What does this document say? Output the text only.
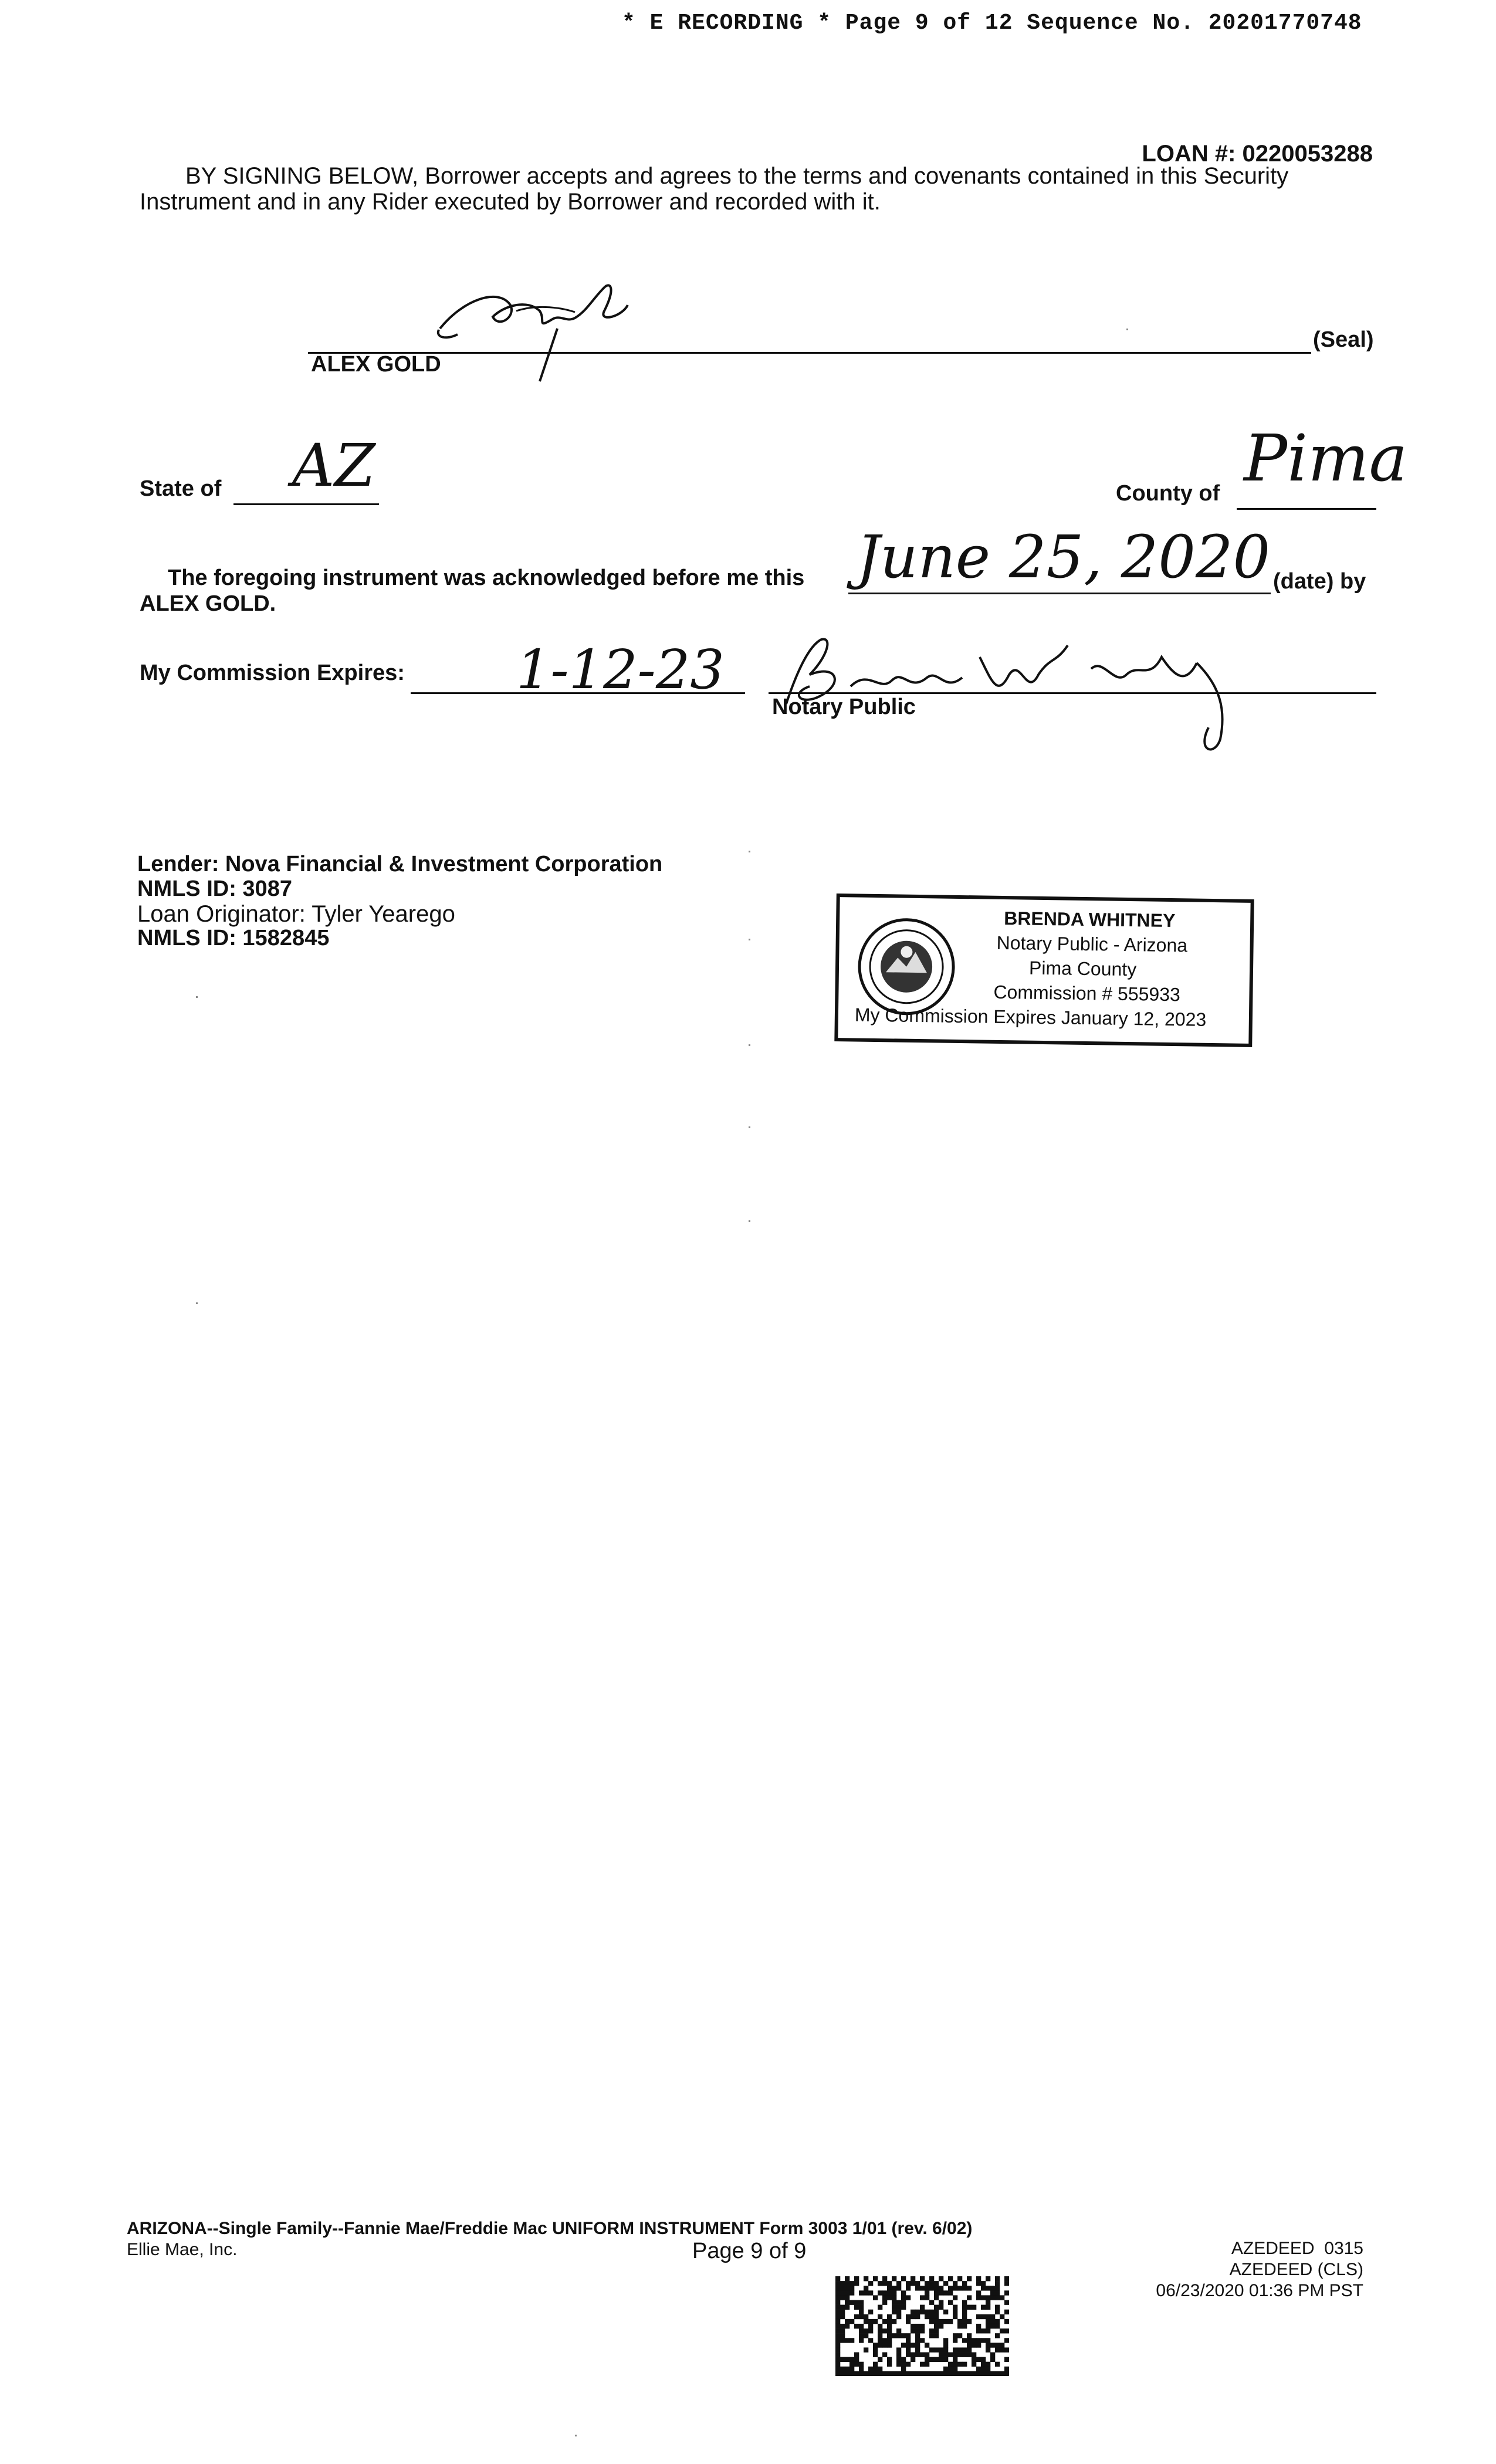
* E RECORDING * Page 9 of 12 Sequence No. 20201770748
LOAN #: 0220053288
BY SIGNING BELOW, Borrower accepts and agrees to the terms and covenants contained in this Security
Instrument and in any Rider executed by Borrower and recorded with it.
(Seal)
ALEX GOLD
State of AZ	County of Pima
The foregoing instrument was acknowledged before me this June 25, 2020 (date) by
ALEX GOLD.
My Commission Expires: 1-12-23
Notary Public
Lender: Nova Financial & Investment Corporation
NMLS ID: 3087
Loan Originator: Tyler Yearego
NMLS ID: 1582845
BRENDA WHITNEY
Notary Public - Arizona
Pima County
Commission # 555933
My Commission Expires January 12, 2023
ARIZONA--Single Family--Fannie Mae/Freddie Mac UNIFORM INSTRUMENT Form 3003 1/01 (rev. 6/02)
Ellie Mae, Inc.	Page 9 of 9	AZEDEED  0315
AZEDEED (CLS)
06/23/2020 01:36 PM PST
